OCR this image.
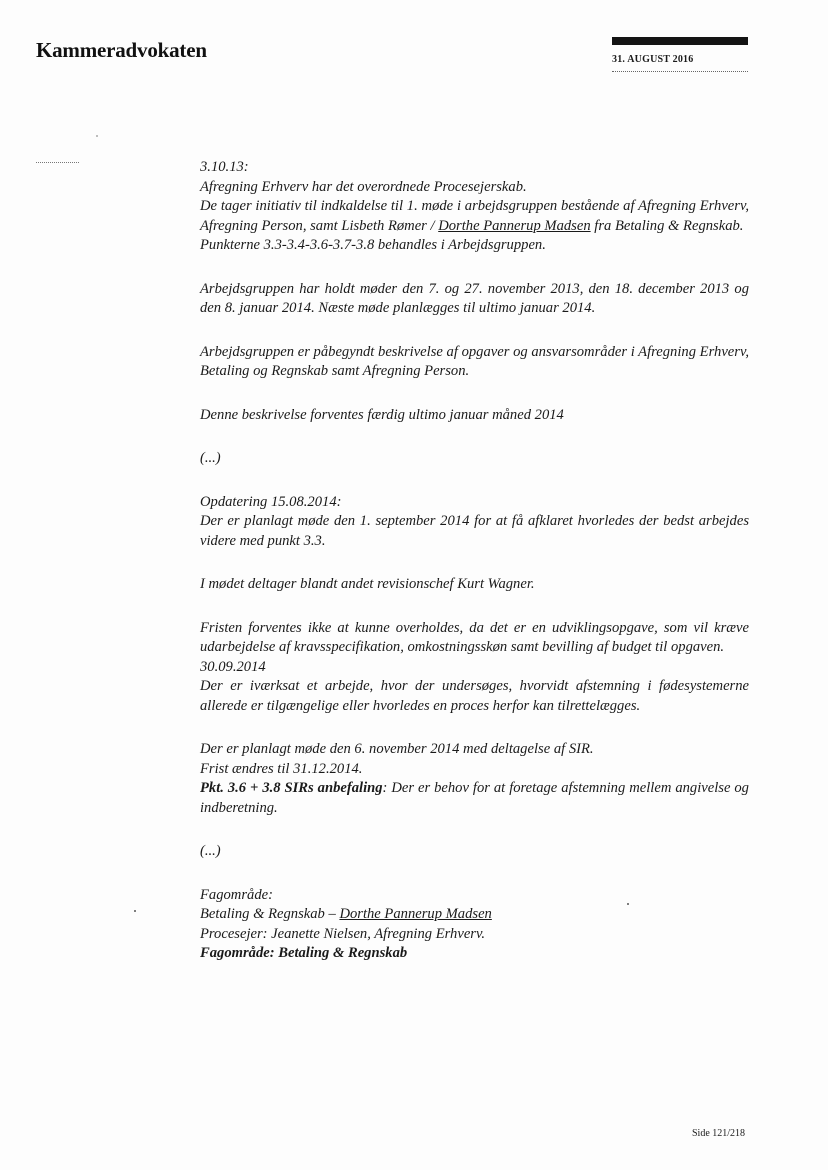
Kammeradvokaten	31. AUGUST 2016

3.10.13:

Afregning Erhverv har det overordnede Procesejerskab.

De tager initiativ til indkaldelse til 1. møde i arbejdsgruppen bestående af Afregning Erhverv, Afregning Person, samt Lisbeth Rømer / Dorthe Pannerup Madsen fra Betaling & Regnskab.

Punkterne 3.3-3.4-3.6-3.7-3.8 behandles i Arbejdsgruppen.

Arbejdsgruppen har holdt møder den 7. og 27. november 2013, den 18. december 2013 og den 8. januar 2014. Næste møde planlægges til ultimo januar 2014.

Arbejdsgruppen er påbegyndt beskrivelse af opgaver og ansvarsområder i Afregning Erhverv, Betaling og Regnskab samt Afregning Person.

Denne beskrivelse forventes færdig ultimo januar måned 2014

(...)

Opdatering 15.08.2014:

Der er planlagt møde den 1. september 2014 for at få afklaret hvorledes der bedst arbejdes videre med punkt 3.3.

I mødet deltager blandt andet revisionschef Kurt Wagner.

Fristen forventes ikke at kunne overholdes, da det er en udviklingsopgave, som vil kræve udarbejdelse af kravsspecifikation, omkostningsskøn samt bevilling af budget til opgaven.

30.09.2014

Der er iværksat et arbejde, hvor der undersøges, hvorvidt afstemning i fødesystemerne allerede er tilgængelige eller hvorledes en proces herfor kan tilrettelægges.

Der er planlagt møde den 6. november 2014 med deltagelse af SIR.

Frist ændres til 31.12.2014.

Pkt. 3.6 + 3.8 SIRs anbefaling: Der er behov for at foretage afstemning mellem angivelse og indberetning.

(...)

Fagområde:

Betaling & Regnskab – Dorthe Pannerup Madsen

Procesejer: Jeanette Nielsen, Afregning Erhverv.

Fagområde: Betaling & Regnskab

Side 121/218
